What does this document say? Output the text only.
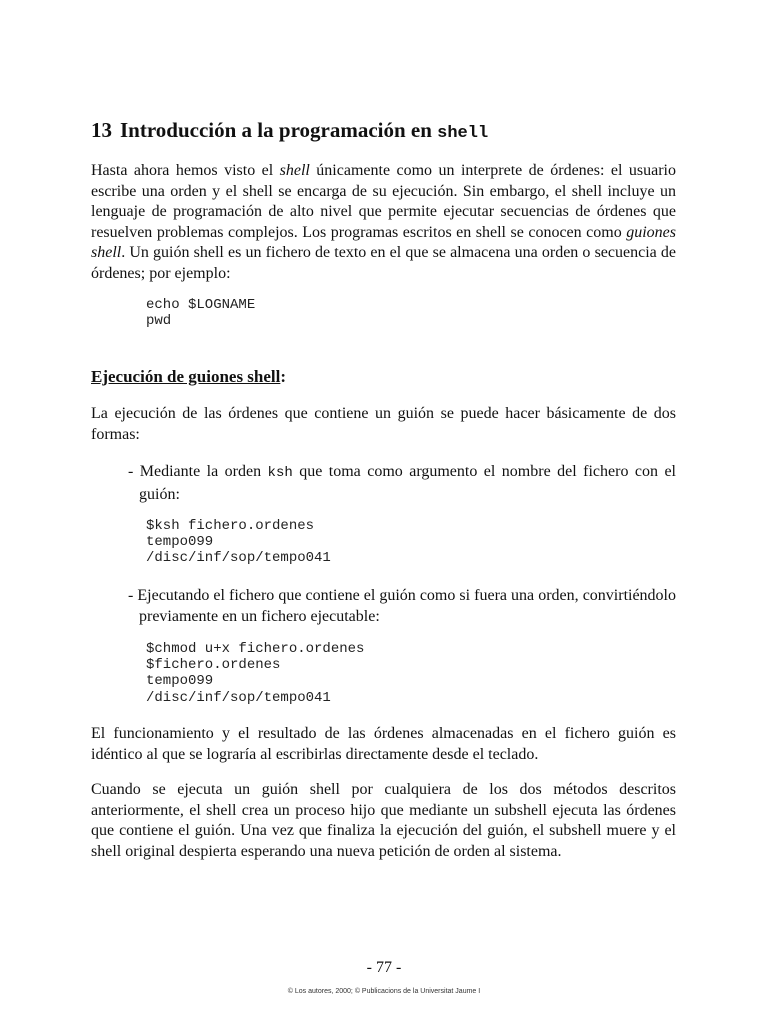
13 Introducción a la programación en shell
Hasta ahora hemos visto el shell únicamente como un interprete de órdenes: el usuario escribe una orden y el shell se encarga de su ejecución. Sin embargo, el shell incluye un lenguaje de programación de alto nivel que permite ejecutar secuencias de órdenes que resuelven problemas complejos. Los programas escritos en shell se conocen como guiones shell. Un guión shell es un fichero de texto en el que se almacena una orden o secuencia de órdenes; por ejemplo:
echo $LOGNAME
pwd
Ejecución de guiones shell:
La ejecución de las órdenes que contiene un guión se puede hacer básicamente de dos formas:
- Mediante la orden ksh que toma como argumento el nombre del fichero con el guión:
$ksh fichero.ordenes
tempo099
/disc/inf/sop/tempo041
- Ejecutando el fichero que contiene el guión como si fuera una orden, convirtiéndolo previamente en un fichero ejecutable:
$chmod u+x fichero.ordenes
$fichero.ordenes
tempo099
/disc/inf/sop/tempo041
El funcionamiento y el resultado de las órdenes almacenadas en el fichero guión es idéntico al que se lograría al escribirlas directamente desde el teclado.
Cuando se ejecuta un guión shell por cualquiera de los dos métodos descritos anteriormente, el shell crea un proceso hijo que mediante un subshell ejecuta las órdenes que contiene el guión. Una vez que finaliza la ejecución del guión, el subshell muere y el shell original despierta esperando una nueva petición de orden al sistema.
- 77 -
© Los autores, 2000; © Publicacions de la Universitat Jaume I
